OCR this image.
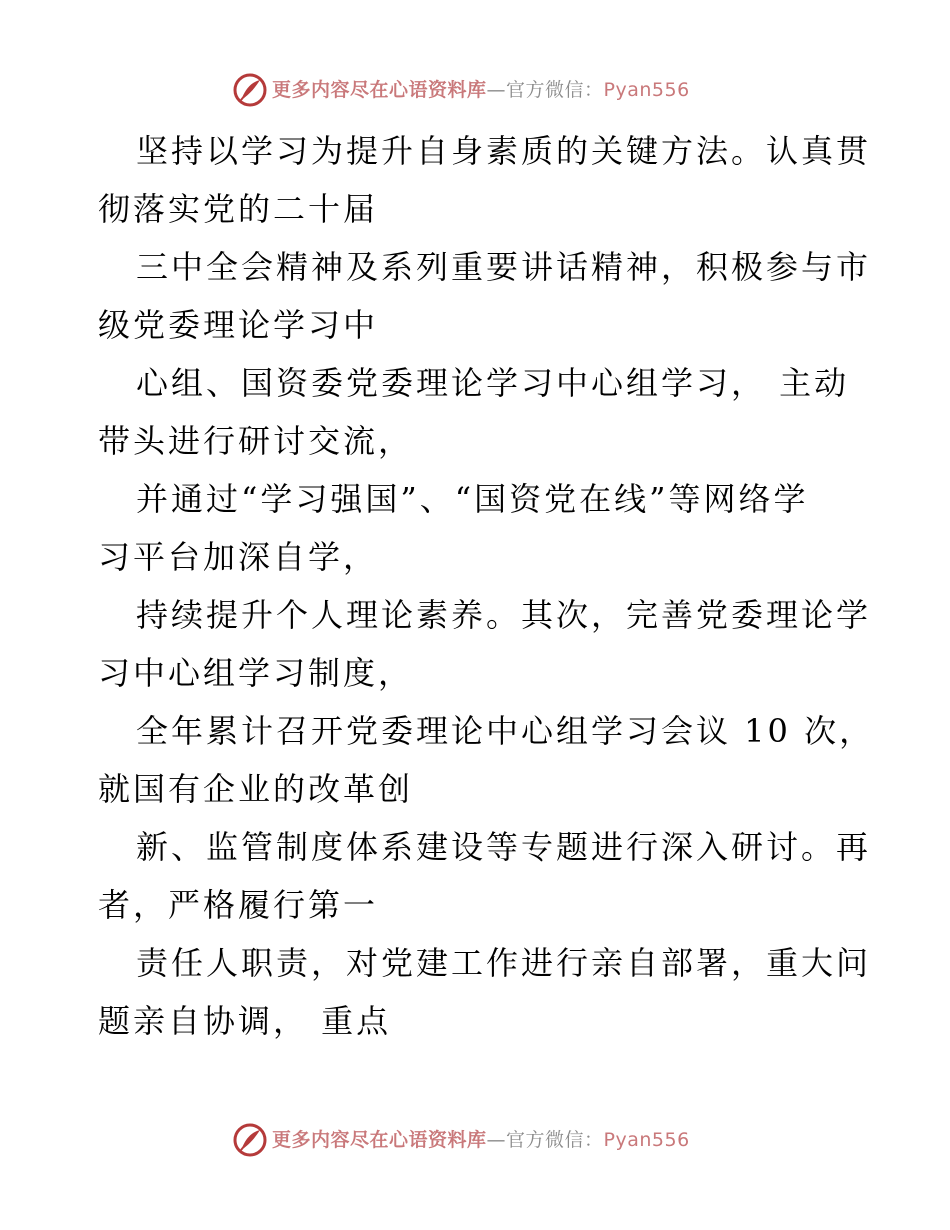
更多内容尽在心语资料库—官方微信：Pyan556

坚持以学习为提升自身素质的关键方法。认真贯
彻落实党的二十届

三中全会精神及系列重要讲话精神，积极参与市
级党委理论学习中

心组、国资委党委理论学习中心组学习， 主动
带头进行研讨交流，

并通过“学习强国”、“国资党在线”等网络学
习平台加深自学，

持续提升个人理论素养。其次，完善党委理论学
习中心组学习制度，

全年累计召开党委理论中心组学习会议 10 次，
就国有企业的改革创

新、监管制度体系建设等专题进行深入研讨。再
者，严格履行第一

责任人职责，对党建工作进行亲自部署，重大问
题亲自协调， 重点

更多内容尽在心语资料库—官方微信：Pyan556
